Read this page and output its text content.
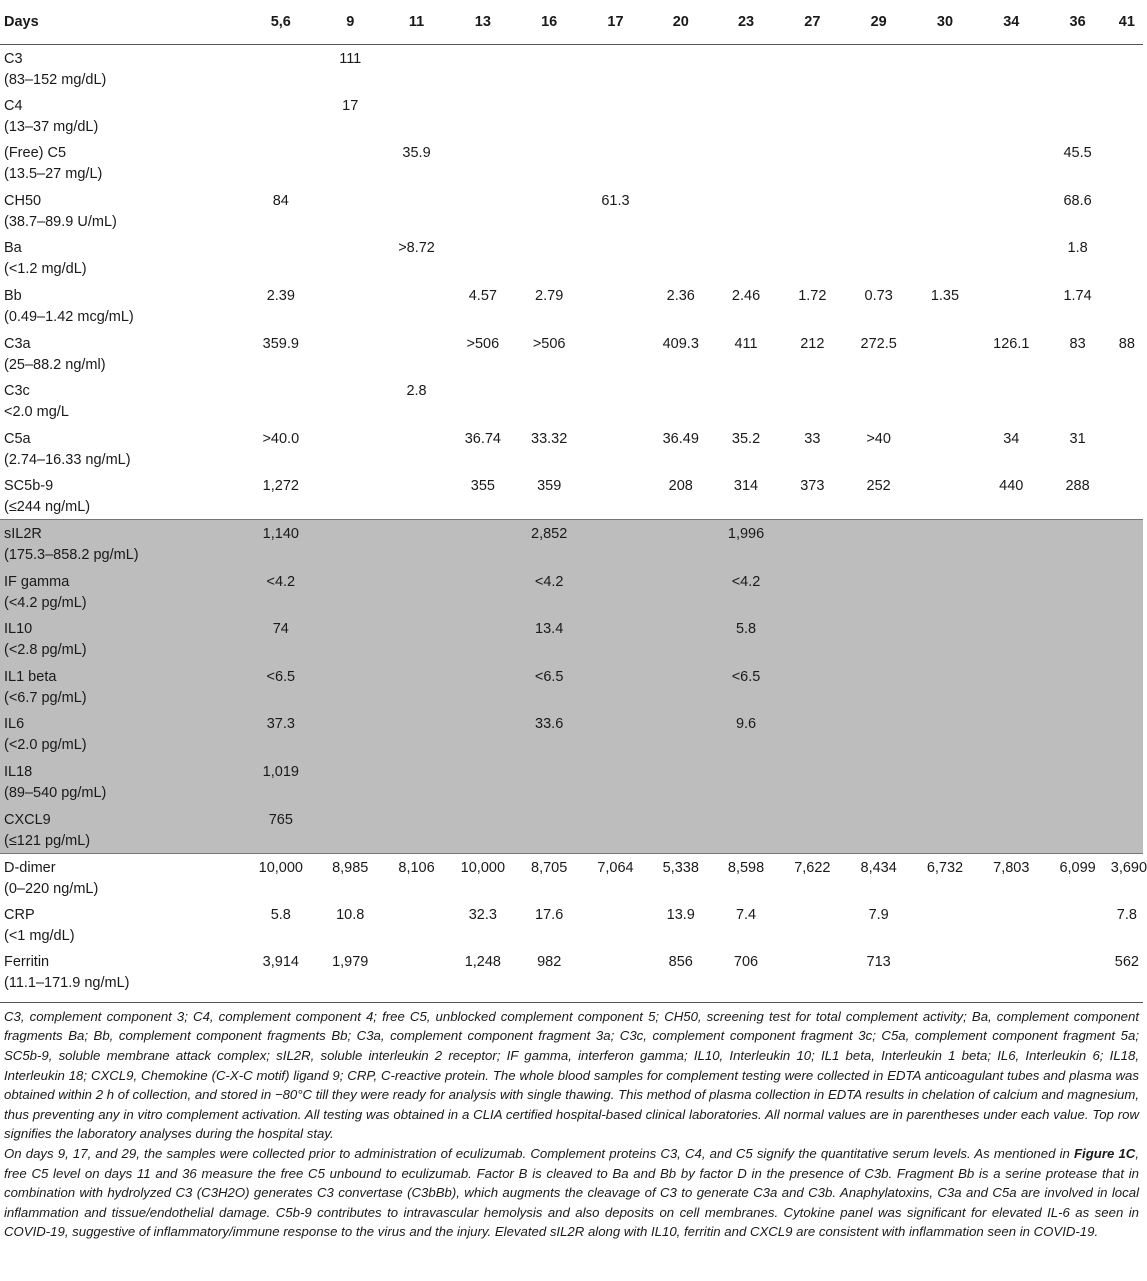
Days	5,6	9	11	13	16	17	20	23	27	29	30	34	36	41

C3
(83–152 mg/dL)		111												

C4
(13–37 mg/dL)		17												

(Free) C5
(13.5–27 mg/L)			35.9										45.5	

CH50
(38.7–89.9 U/mL)	84					61.3							68.6	

Ba
(<1.2 mg/dL)			>8.72										1.8	

Bb
(0.49–1.42 mcg/mL)	2.39			4.57	2.79		2.36	2.46	1.72	0.73	1.35		1.74	

C3a
(25–88.2 ng/ml)	359.9			>506	>506		409.3	411	212	272.5		126.1	83	88

C3c
<2.0 mg/L			2.8											

C5a
(2.74–16.33 ng/mL)	>40.0			36.74	33.32		36.49	35.2	33	>40		34	31	

SC5b-9
(≤244 ng/mL)	1,272			355	359		208	314	373	252		440	288	

sIL2R
(175.3–858.2 pg/mL)	1,140				2,852			1,996						

IF gamma
(<4.2 pg/mL)	<4.2				<4.2			<4.2						

IL10
(<2.8 pg/mL)	74				13.4			5.8						

IL1 beta
(<6.7 pg/mL)	<6.5				<6.5			<6.5						

IL6
(<2.0 pg/mL)	37.3				33.6			9.6						

IL18
(89–540 pg/mL)	1,019													

CXCL9
(≤121 pg/mL)	765													

D-dimer
(0–220 ng/mL)	10,000	8,985	8,106	10,000	8,705	7,064	5,338	8,598	7,622	8,434	6,732	7,803	6,099	3,690

CRP
(<1 mg/dL)	5.8	10.8		32.3	17.6		13.9	7.4		7.9				7.8

Ferritin
(11.1–171.9 ng/mL)	3,914	1,979		1,248	982		856	706		713				562

C3, complement component 3; C4, complement component 4; free C5, unblocked complement component 5; CH50, screening test for total complement activity; Ba, complement component fragments Ba; Bb, complement component fragments Bb; C3a, complement component fragment 3a; C3c, complement component fragment 3c; C5a, complement component fragment 5a; SC5b-9, soluble membrane attack complex; sIL2R, soluble interleukin 2 receptor; IF gamma, interferon gamma; IL10, Interleukin 10; IL1 beta, Interleukin 1 beta; IL6, Interleukin 6; IL18, Interleukin 18; CXCL9, Chemokine (C-X-C motif) ligand 9; CRP, C-reactive protein. The whole blood samples for complement testing were collected in EDTA anticoagulant tubes and plasma was obtained within 2 h of collection, and stored in −80°C till they were ready for analysis with single thawing. This method of plasma collection in EDTA results in chelation of calcium and magnesium, thus preventing any in vitro complement activation. All testing was obtained in a CLIA certified hospital-based clinical laboratories. All normal values are in parentheses under each value. Top row signifies the laboratory analyses during the hospital stay.

On days 9, 17, and 29, the samples were collected prior to administration of eculizumab. Complement proteins C3, C4, and C5 signify the quantitative serum levels. As mentioned in Figure 1C, free C5 level on days 11 and 36 measure the free C5 unbound to eculizumab. Factor B is cleaved to Ba and Bb by factor D in the presence of C3b. Fragment Bb is a serine protease that in combination with hydrolyzed C3 (C3H2O) generates C3 convertase (C3bBb), which augments the cleavage of C3 to generate C3a and C3b. Anaphylatoxins, C3a and C5a are involved in local inflammation and tissue/endothelial damage. C5b-9 contributes to intravascular hemolysis and also deposits on cell membranes. Cytokine panel was significant for elevated IL-6 as seen in COVID-19, suggestive of inflammatory/immune response to the virus and the injury. Elevated sIL2R along with IL10, ferritin and CXCL9 are consistent with inflammation seen in COVID-19.
